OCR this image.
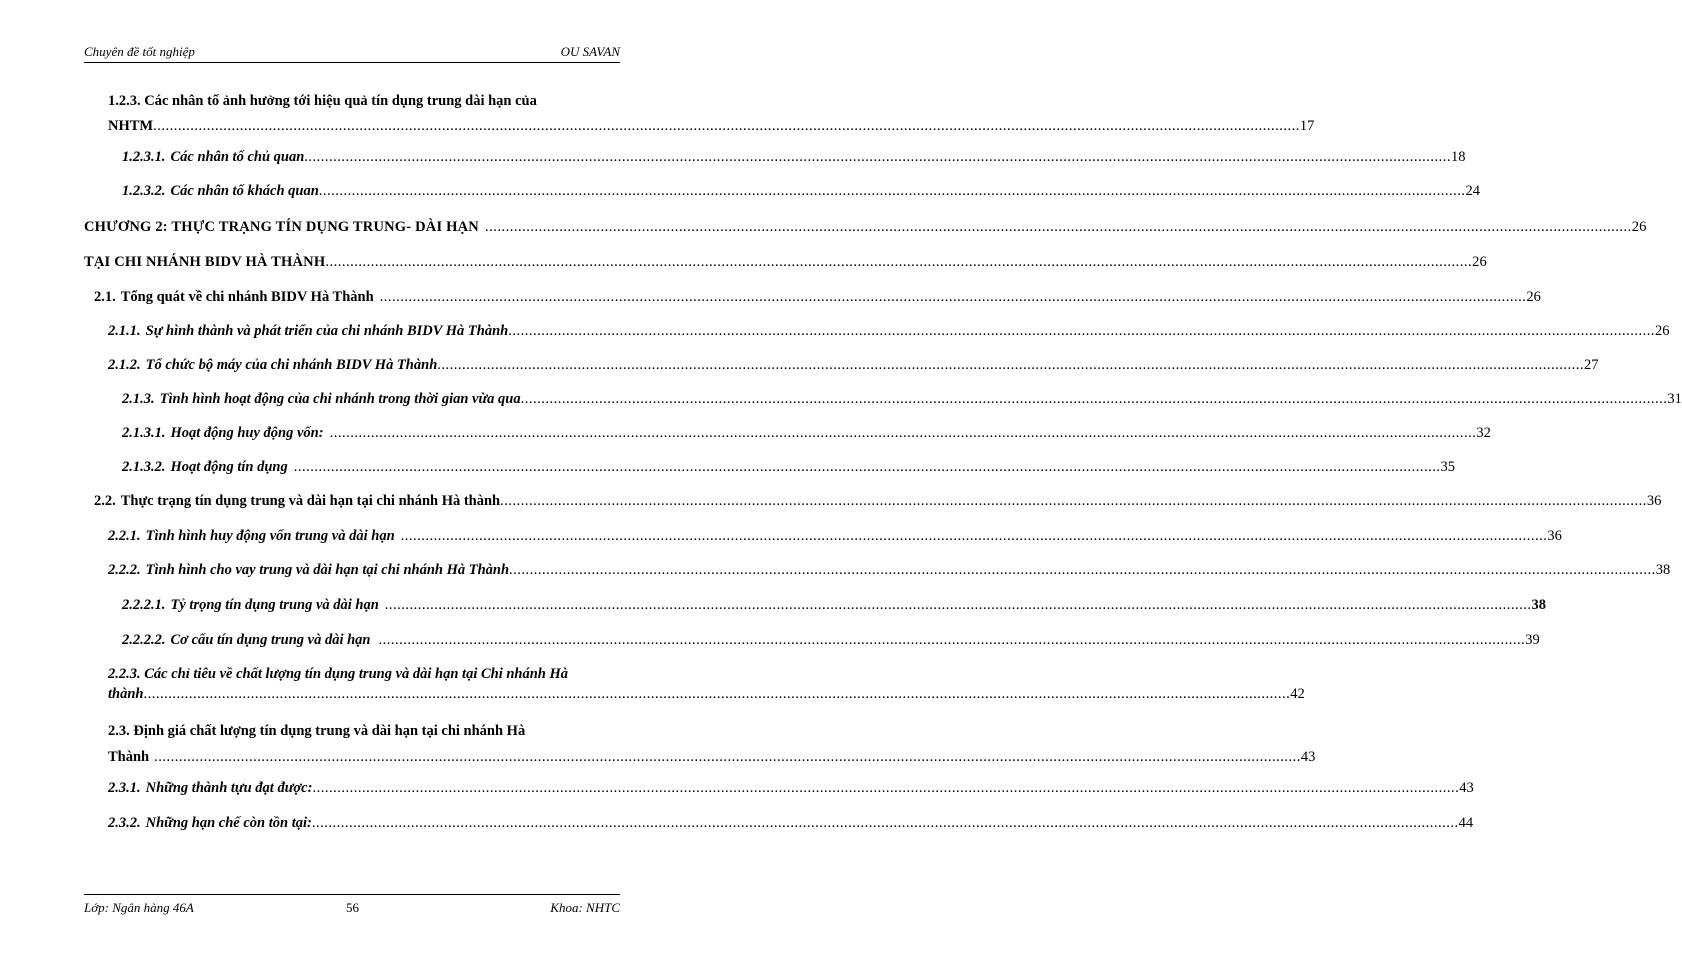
Chuyên đề tốt nghiệp	OU SAVAN
1.2.3. Các nhân tố ảnh hưởng tới hiệu quả tín dụng trung dài hạn của
NHTM ...................................................................................................................................................................................................................................................................................... 17
1.2.3.1. Các nhân tố chủ quan ...................................................................................................................................................................................................................................................................................... 18
1.2.3.2. Các nhân tố khách quan ...................................................................................................................................................................................................................................................................................... 24
CHƯƠNG 2: THỰC TRẠNG TÍN DỤNG TRUNG- DÀI HẠN ...................................................................................................................................................................................................................................................................................... 26
TẠI CHI NHÁNH BIDV HÀ THÀNH ...................................................................................................................................................................................................................................................................................... 26
2.1. Tổng quát về chi nhánh BIDV Hà Thành ...................................................................................................................................................................................................................................................................................... 26
2.1.1. Sự hình thành và phát triển của chi nhánh BIDV Hà Thành ...................................................................................................................................................................................................................................................................................... 26
2.1.2. Tổ chức bộ máy của chi nhánh BIDV Hà Thành ...................................................................................................................................................................................................................................................................................... 27
2.1.3. Tình hình hoạt động của chi nhánh trong thời gian vừa qua ...................................................................................................................................................................................................................................................................................... 31
2.1.3.1. Hoạt động huy động vốn: ...................................................................................................................................................................................................................................................................................... 32
2.1.3.2. Hoạt động tín dụng ...................................................................................................................................................................................................................................................................................... 35
2.2. Thực trạng tín dụng trung và dài hạn tại chi nhánh Hà thành ...................................................................................................................................................................................................................................................................................... 36
2.2.1. Tình hình huy động vốn trung và dài hạn ...................................................................................................................................................................................................................................................................................... 36
2.2.2. Tình hình cho vay trung và dài hạn tại chi nhánh Hà Thành ...................................................................................................................................................................................................................................................................................... 38
2.2.2.1. Tỷ trọng tín dụng trung và dài hạn ...................................................................................................................................................................................................................................................................................... 38
2.2.2.2. Cơ cấu tín dụng trung và dài hạn ...................................................................................................................................................................................................................................................................................... 39
2.2.3. Các chỉ tiêu về chất lượng tín dụng trung và dài hạn tại Chi nhánh Hà
thành ...................................................................................................................................................................................................................................................................................... 42
2.3. Định giá chất lượng tín dụng trung và dài hạn tại chi nhánh Hà
Thành ...................................................................................................................................................................................................................................................................................... 43
2.3.1. Những thành tựu đạt được: ...................................................................................................................................................................................................................................................................................... 43
2.3.2. Những hạn chế còn tồn tại: ...................................................................................................................................................................................................................................................................................... 44
Lớp: Ngân hàng 46A	56	Khoa: NHTC
